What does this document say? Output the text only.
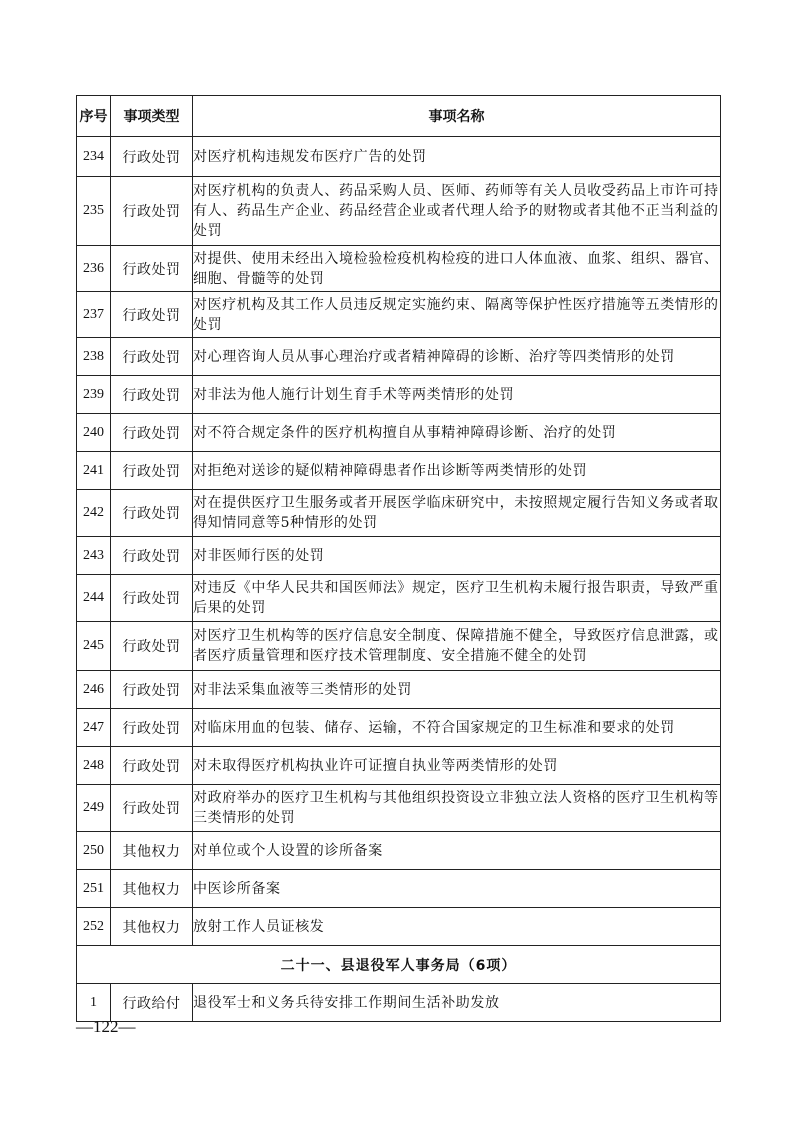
序号	事项类型	事项名称
234	行政处罚	对医疗机构违规发布医疗广告的处罚
235	行政处罚	对医疗机构的负责人、药品采购人员、医师、药师等有关人员收受药品上市许可持有人、药品生产企业、药品经营企业或者代理人给予的财物或者其他不正当利益的处罚
236	行政处罚	对提供、使用未经出入境检验检疫机构检疫的进口人体血液、血浆、组织、器官、细胞、骨髓等的处罚
237	行政处罚	对医疗机构及其工作人员违反规定实施约束、隔离等保护性医疗措施等五类情形的处罚
238	行政处罚	对心理咨询人员从事心理治疗或者精神障碍的诊断、治疗等四类情形的处罚
239	行政处罚	对非法为他人施行计划生育手术等两类情形的处罚
240	行政处罚	对不符合规定条件的医疗机构擅自从事精神障碍诊断、治疗的处罚
241	行政处罚	对拒绝对送诊的疑似精神障碍患者作出诊断等两类情形的处罚
242	行政处罚	对在提供医疗卫生服务或者开展医学临床研究中，未按照规定履行告知义务或者取得知情同意等5种情形的处罚
243	行政处罚	对非医师行医的处罚
244	行政处罚	对违反《中华人民共和国医师法》规定，医疗卫生机构未履行报告职责，导致严重后果的处罚
245	行政处罚	对医疗卫生机构等的医疗信息安全制度、保障措施不健全，导致医疗信息泄露，或者医疗质量管理和医疗技术管理制度、安全措施不健全的处罚
246	行政处罚	对非法采集血液等三类情形的处罚
247	行政处罚	对临床用血的包装、储存、运输，不符合国家规定的卫生标准和要求的处罚
248	行政处罚	对未取得医疗机构执业许可证擅自执业等两类情形的处罚
249	行政处罚	对政府举办的医疗卫生机构与其他组织投资设立非独立法人资格的医疗卫生机构等三类情形的处罚
250	其他权力	对单位或个人设置的诊所备案
251	其他权力	中医诊所备案
252	其他权力	放射工作人员证核发
二十一、县退役军人事务局（6项）		
1	行政给付	退役军士和义务兵待安排工作期间生活补助发放
—122—
